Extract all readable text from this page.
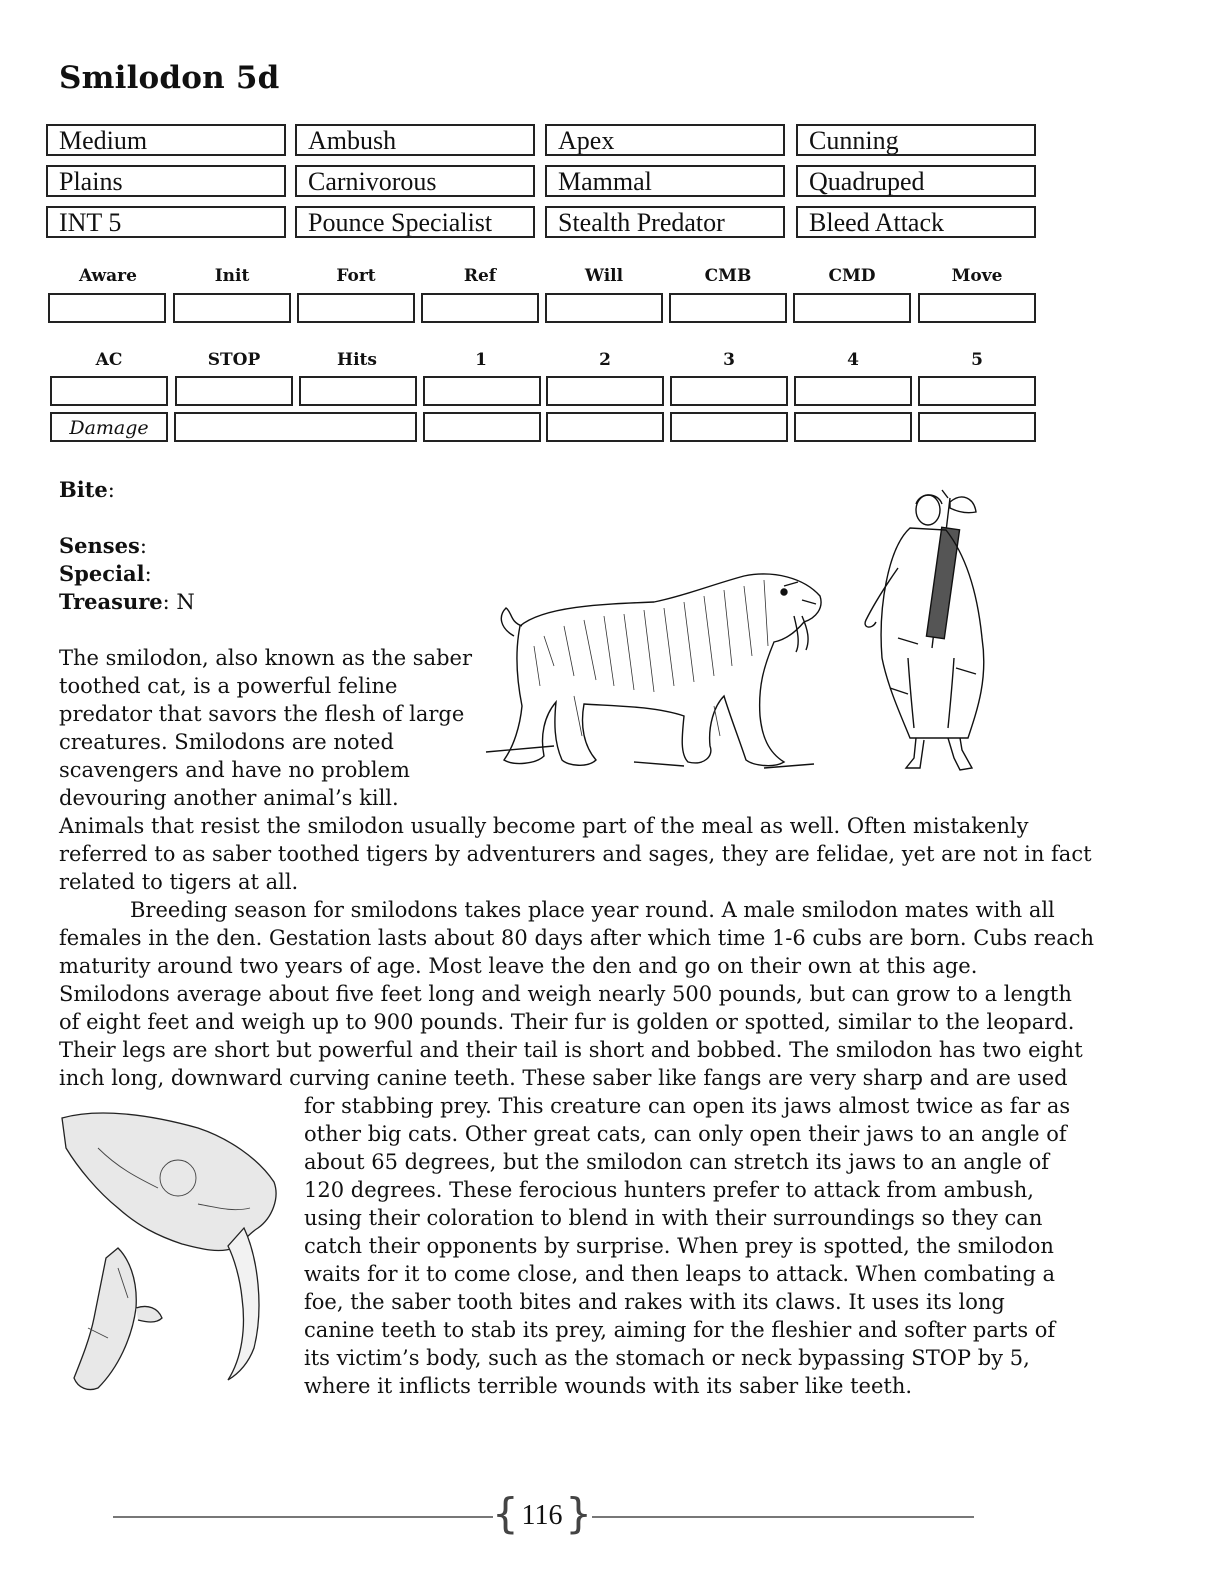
Smilodon 5d
Medium	Ambush	Apex	Cunning
Plains	Carnivorous	Mammal	Quadruped
INT 5	Pounce Specialist	Stealth Predator	Bleed Attack
Aware	Init	Fort	Ref	Will	CMB	CMD	Move
AC	STOP	Hits	1	2	3	4	5
Damage
Bite:
Senses:
Special:
Treasure: N
The smilodon, also known as the saber
toothed cat, is a powerful feline
predator that savors the flesh of large
creatures. Smilodons are noted
scavengers and have no problem
devouring another animal’s kill.
Animals that resist the smilodon usually become part of the meal as well. Often mistakenly
referred to as saber toothed tigers by adventurers and sages, they are felidae, yet are not in fact
related to tigers at all.
Breeding season for smilodons takes place year round. A male smilodon mates with all
females in the den. Gestation lasts about 80 days after which time 1-6 cubs are born. Cubs reach
maturity around two years of age. Most leave the den and go on their own at this age.
Smilodons average about five feet long and weigh nearly 500 pounds, but can grow to a length
of eight feet and weigh up to 900 pounds. Their fur is golden or spotted, similar to the leopard.
Their legs are short but powerful and their tail is short and bobbed. The smilodon has two eight
inch long, downward curving canine teeth. These saber like fangs are very sharp and are used
for stabbing prey. This creature can open its jaws almost twice as far as
other big cats. Other great cats, can only open their jaws to an angle of
about 65 degrees, but the smilodon can stretch its jaws to an angle of
120 degrees. These ferocious hunters prefer to attack from ambush,
using their coloration to blend in with their surroundings so they can
catch their opponents by surprise. When prey is spotted, the smilodon
waits for it to come close, and then leaps to attack. When combating a
foe, the saber tooth bites and rakes with its claws. It uses its long
canine teeth to stab its prey, aiming for the fleshier and softer parts of
its victim’s body, such as the stomach or neck bypassing STOP by 5,
where it inflicts terrible wounds with its saber like teeth.
{ 116 }
